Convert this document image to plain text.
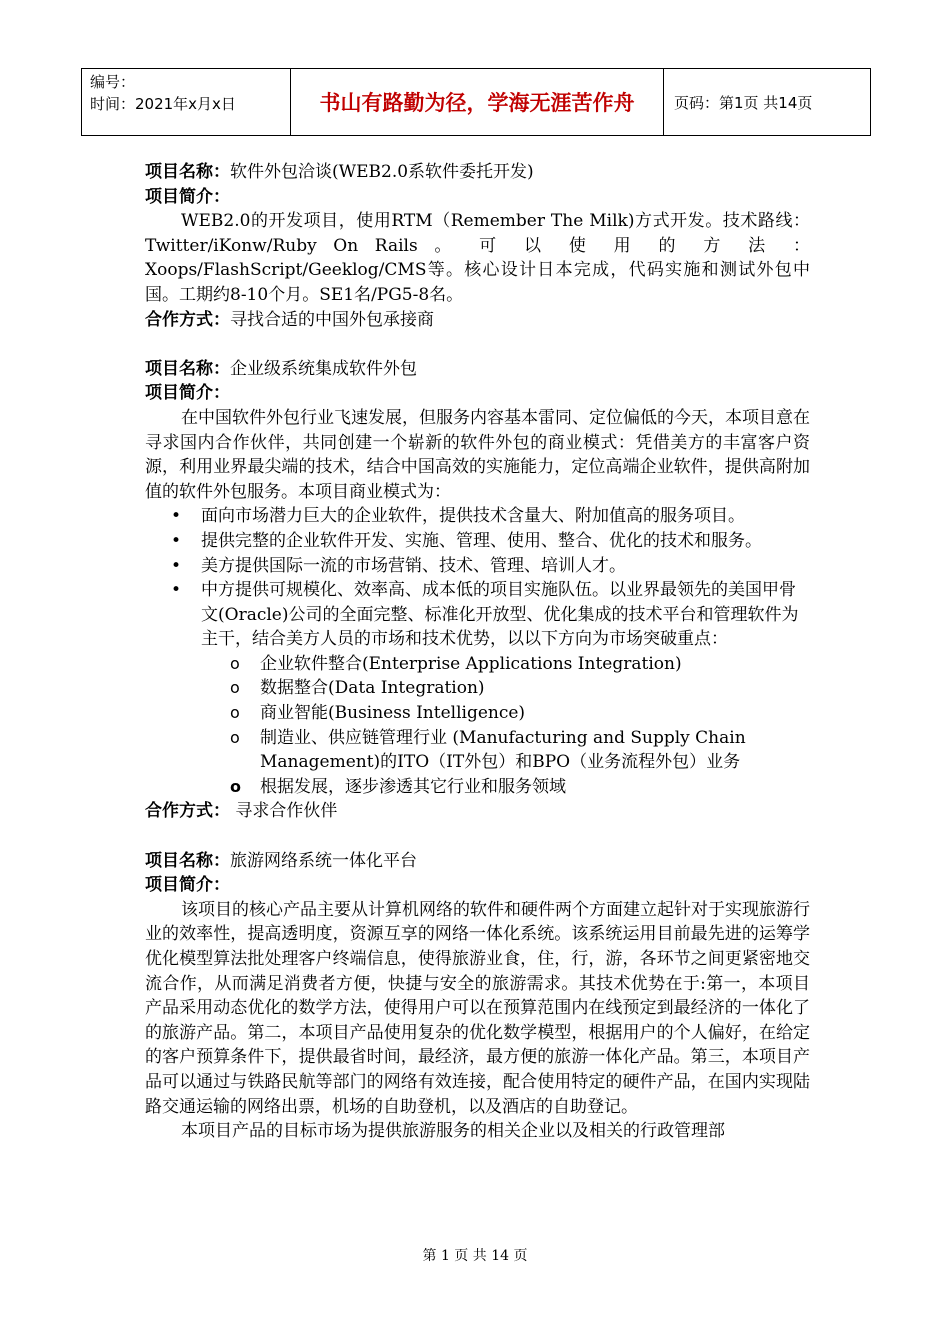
编号：
时间：2021年x月x日	书山有路勤为径，学海无涯苦作舟	页码：第1页 共14页

项目名称：软件外包洽谈(WEB2.0系软件委托开发)

项目简介：

WEB2.0的开发项目，使用RTM（Remember The Milk)方式开发。技术路线：Twitter/iKonw/Ruby On Rails 。 可 以 使 用 的 方 法 ：Xoops/FlashScript/Geeklog/CMS等。核心设计日本完成，代码实施和测试外包中国。工期约8-10个月。SE1名/PG5-8名。

合作方式：寻找合适的中国外包承接商

项目名称：企业级系统集成软件外包

项目简介：

在中国软件外包行业飞速发展，但服务内容基本雷同、定位偏低的今天，本项目意在寻求国内合作伙伴，共同创建一个崭新的软件外包的商业模式：凭借美方的丰富客户资源，利用业界最尖端的技术，结合中国高效的实施能力，定位高端企业软件，提供高附加值的软件外包服务。本项目商业模式为：

• 面向市场潜力巨大的企业软件，提供技术含量大、附加值高的服务项目。
• 提供完整的企业软件开发、实施、管理、使用、整合、优化的技术和服务。
• 美方提供国际一流的市场营销、技术、管理、培训人才。
• 中方提供可规模化、效率高、成本低的项目实施队伍。以业界最领先的美国甲骨文(Oracle)公司的全面完整、标准化开放型、优化集成的技术平台和管理软件为主干，结合美方人员的市场和技术优势，以以下方向为市场突破重点：
o 企业软件整合(Enterprise Applications Integration)
o 数据整合(Data Integration)
o 商业智能(Business Intelligence)
o 制造业、供应链管理行业 (Manufacturing and Supply Chain Management)的ITO（IT外包）和BPO（业务流程外包）业务
o 根据发展，逐步渗透其它行业和服务领域

合作方式： 寻求合作伙伴

项目名称：旅游网络系统一体化平台

项目简介：

该项目的核心产品主要从计算机网络的软件和硬件两个方面建立起针对于实现旅游行业的效率性，提高透明度，资源互享的网络一体化系统。该系统运用目前最先进的运筹学优化模型算法批处理客户终端信息，使得旅游业食，住，行，游，各环节之间更紧密地交流合作，从而满足消费者方便，快捷与安全的旅游需求。其技术优势在于:第一，本项目产品采用动态优化的数学方法，使得用户可以在预算范围内在线预定到最经济的一体化了的旅游产品。第二，本项目产品使用复杂的优化数学模型，根据用户的个人偏好，在给定的客户预算条件下，提供最省时间，最经济，最方便的旅游一体化产品。第三，本项目产品可以通过与铁路民航等部门的网络有效连接，配合使用特定的硬件产品，在国内实现陆路交通运输的网络出票，机场的自助登机，以及酒店的自助登记。

本项目产品的目标市场为提供旅游服务的相关企业以及相关的行政管理部

第 1 页 共 14 页
